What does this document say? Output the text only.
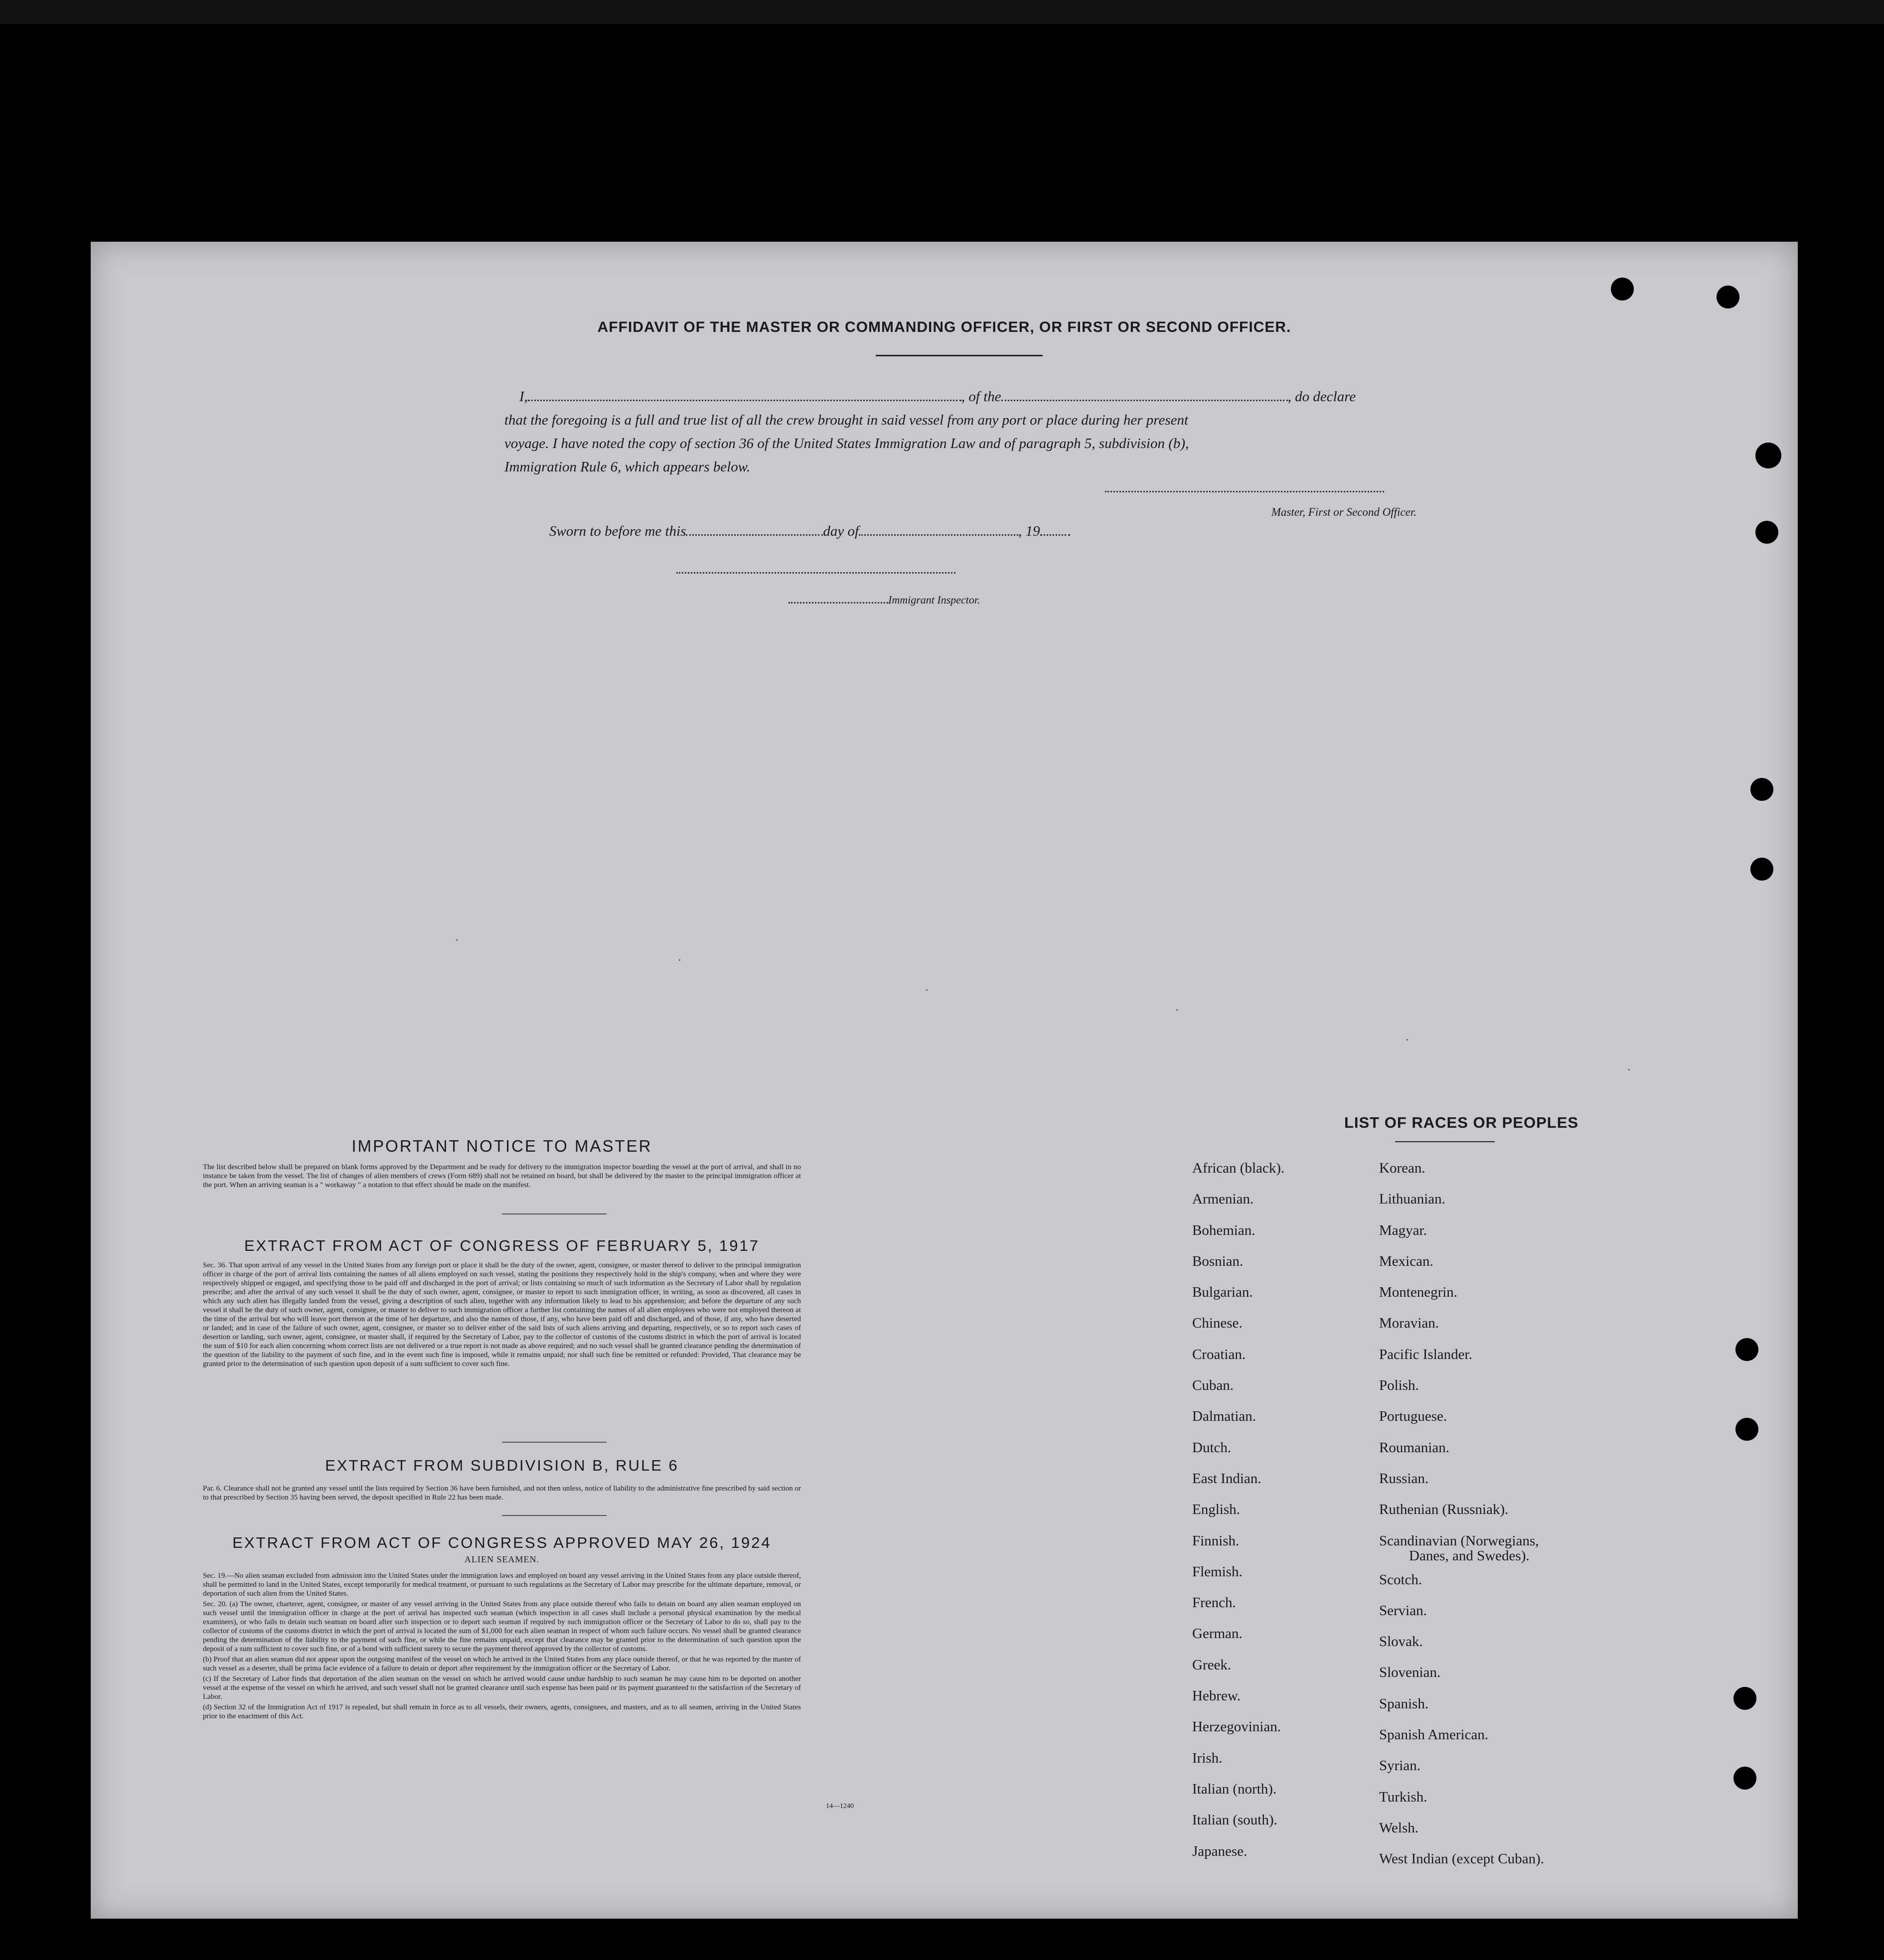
AFFIDAVIT OF THE MASTER OR COMMANDING OFFICER, OR FIRST OR SECOND OFFICER.
I,	, of the	, do declare
that the foregoing is a full and true list of all the crew brought in said vessel from any port or place during her present
voyage. I have noted the copy of section 36 of the United States Immigration Law and of paragraph 5, subdivision (b),
Immigration Rule 6, which appears below.
Master, First or Second Officer.
Sworn to before me this	day of	, 19
Immigrant Inspector.
IMPORTANT NOTICE TO MASTER
The list described below shall be prepared on blank forms approved by the Department and be ready for delivery to the immigration inspector boarding the vessel at the port of arrival, and shall in no instance be taken from the vessel. The list of changes of alien members of crews (Form 689) shall not be retained on board, but shall be delivered by the master to the principal immigration officer at the port. When an arriving seaman is a " workaway " a notation to that effect should be made on the manifest.
EXTRACT FROM ACT OF CONGRESS OF FEBRUARY 5, 1917
Sec. 36. That upon arrival of any vessel in the United States from any foreign port or place it shall be the duty of the owner, agent, consignee, or master thereof to deliver to the principal immigration officer in charge of the port of arrival lists containing the names of all aliens employed on such vessel, stating the positions they respectively hold in the ship's company, when and where they were respectively shipped or engaged, and specifying those to be paid off and discharged in the port of arrival; or lists containing so much of such information as the Secretary of Labor shall by regulation prescribe; and after the arrival of any such vessel it shall be the duty of such owner, agent, consignee, or master to report to such immigration officer, in writing, as soon as discovered, all cases in which any such alien has illegally landed from the vessel, giving a description of such alien, together with any information likely to lead to his apprehension; and before the departure of any such vessel it shall be the duty of such owner, agent, consignee, or master to deliver to such immigration officer a further list containing the names of all alien employees who were not employed thereon at the time of the arrival but who will leave port thereon at the time of her departure, and also the names of those, if any, who have been paid off and discharged, and of those, if any, who have deserted or landed; and in case of the failure of such owner, agent, consignee, or master so to deliver either of the said lists of such aliens arriving and departing, respectively, or so to report such cases of desertion or landing, such owner, agent, consignee, or master shall, if required by the Secretary of Labor, pay to the collector of customs of the customs district in which the port of arrival is located the sum of $10 for each alien concerning whom correct lists are not delivered or a true report is not made as above required; and no such vessel shall be granted clearance pending the determination of the question of the liability to the payment of such fine, and in the event such fine is imposed, while it remains unpaid; nor shall such fine be remitted or refunded: Provided, That clearance may be granted prior to the determination of such question upon deposit of a sum sufficient to cover such fine.
EXTRACT FROM SUBDIVISION B, RULE 6
Par. 6. Clearance shall not be granted any vessel until the lists required by Section 36 have been furnished, and not then unless, notice of liability to the administrative fine prescribed by said section or to that prescribed by Section 35 having been served, the deposit specified in Rule 22 has been made.
EXTRACT FROM ACT OF CONGRESS APPROVED MAY 26, 1924
ALIEN SEAMEN.
Sec. 19.—No alien seaman excluded from admission into the United States under the immigration laws and employed on board any vessel arriving in the United States from any place outside thereof, shall be permitted to land in the United States, except temporarily for medical treatment, or pursuant to such regulations as the Secretary of Labor may prescribe for the ultimate departure, removal, or deportation of such alien from the United States.
Sec. 20. (a) The owner, charterer, agent, consignee, or master of any vessel arriving in the United States from any place outside thereof who fails to detain on board any alien seaman employed on such vessel until the immigration officer in charge at the port of arrival has inspected such seaman (which inspection in all cases shall include a personal physical examination by the medical examiners), or who fails to detain such seaman on board after such inspection or to deport such seaman if required by such immigration officer or the Secretary of Labor to do so, shall pay to the collector of customs of the customs district in which the port of arrival is located the sum of $1,000 for each alien seaman in respect of whom such failure occurs. No vessel shall be granted clearance pending the determination of the liability to the payment of such fine, or while the fine remains unpaid, except that clearance may be granted prior to the determination of such question upon the deposit of a sum sufficient to cover such fine, or of a bond with sufficient surety to secure the payment thereof approved by the collector of customs.
(b) Proof that an alien seaman did not appear upon the outgoing manifest of the vessel on which he arrived in the United States from any place outside thereof, or that he was reported by the master of such vessel as a deserter, shall be prima facie evidence of a failure to detain or deport after requirement by the immigration officer or the Secretary of Labor.
(c) If the Secretary of Labor finds that deportation of the alien seaman on the vessel on which he arrived would cause undue hardship to such seaman he may cause him to be deported on another vessel at the expense of the vessel on which he arrived, and such vessel shall not be granted clearance until such expense has been paid or its payment guaranteed to the satisfaction of the Secretary of Labor.
(d) Section 32 of the Immigration Act of 1917 is repealed, but shall remain in force as to all vessels, their owners, agents, consignees, and masters, and as to all seamen, arriving in the United States prior to the enactment of this Act.
14—1240
LIST OF RACES OR PEOPLES
African (black).
Armenian.
Bohemian.
Bosnian.
Bulgarian.
Chinese.
Croatian.
Cuban.
Dalmatian.
Dutch.
East Indian.
English.
Finnish.
Flemish.
French.
German.
Greek.
Hebrew.
Herzegovinian.
Irish.
Italian (north).
Italian (south).
Japanese.
Korean.
Lithuanian.
Magyar.
Mexican.
Montenegrin.
Moravian.
Pacific Islander.
Polish.
Portuguese.
Roumanian.
Russian.
Ruthenian (Russniak).
Scandinavian (Norwegians,
Danes, and Swedes).
Scotch.
Servian.
Slovak.
Slovenian.
Spanish.
Spanish American.
Syrian.
Turkish.
Welsh.
West Indian (except Cuban).
